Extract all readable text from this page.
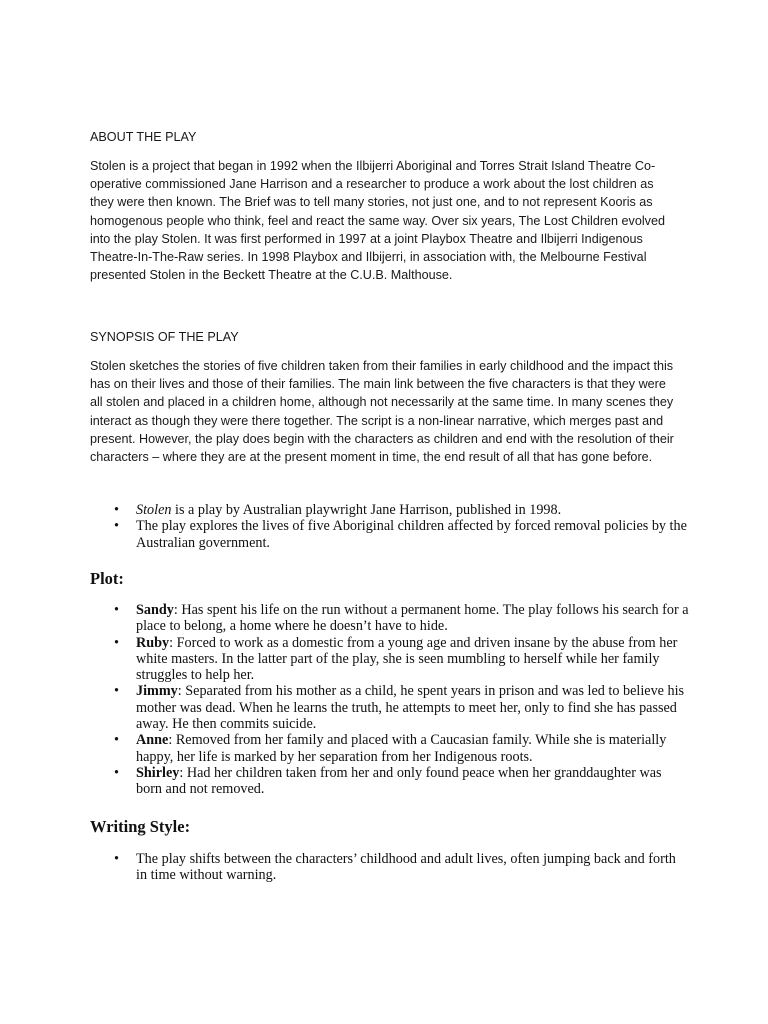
ABOUT THE PLAY

Stolen is a project that began in 1992 when the Ilbijerri Aboriginal and Torres Strait Island Theatre Co-operative commissioned Jane Harrison and a researcher to produce a work about the lost children as they were then known. The Brief was to tell many stories, not just one, and to not represent Kooris as homogenous people who think, feel and react the same way. Over six years, The Lost Children evolved into the play Stolen. It was first performed in 1997 at a joint Playbox Theatre and Ilbijerri Indigenous Theatre-In-The-Raw series. In 1998 Playbox and Ilbijerri, in association with, the Melbourne Festival presented Stolen in the Beckett Theatre at the C.U.B. Malthouse.

SYNOPSIS OF THE PLAY

Stolen sketches the stories of five children taken from their families in early childhood and the impact this has on their lives and those of their families. The main link between the five characters is that they were all stolen and placed in a children home, although not necessarily at the same time. In many scenes they interact as though they were there together. The script is a non-linear narrative, which merges past and present. However, the play does begin with the characters as children and end with the resolution of their characters – where they are at the present moment in time, the end result of all that has gone before.

• Stolen is a play by Australian playwright Jane Harrison, published in 1998.
• The play explores the lives of five Aboriginal children affected by forced removal policies by the Australian government.
Plot:
• Sandy: Has spent his life on the run without a permanent home. The play follows his search for a place to belong, a home where he doesn’t have to hide.
• Ruby: Forced to work as a domestic from a young age and driven insane by the abuse from her white masters. In the latter part of the play, she is seen mumbling to herself while her family struggles to help her.
• Jimmy: Separated from his mother as a child, he spent years in prison and was led to believe his mother was dead. When he learns the truth, he attempts to meet her, only to find she has passed away. He then commits suicide.
• Anne: Removed from her family and placed with a Caucasian family. While she is materially happy, her life is marked by her separation from her Indigenous roots.
• Shirley: Had her children taken from her and only found peace when her granddaughter was born and not removed.
Writing Style:
• The play shifts between the characters’ childhood and adult lives, often jumping back and forth in time without warning.
